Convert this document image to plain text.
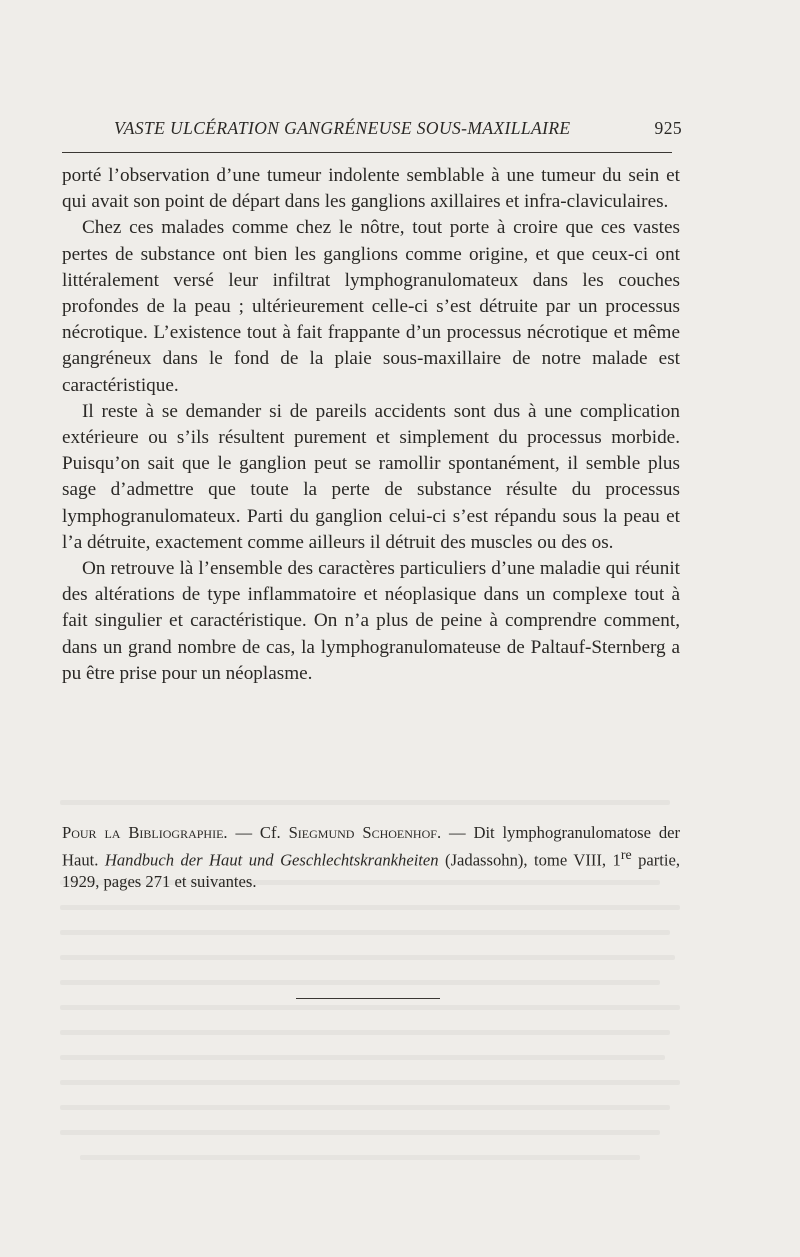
VASTE ULCÉRATION GANGRÉNEUSE SOUS-MAXILLAIRE	925

porté l’observation d’une tumeur indolente semblable à une tumeur du sein et qui avait son point de départ dans les ganglions axillaires et infra-claviculaires.

Chez ces malades comme chez le nôtre, tout porte à croire que ces vastes pertes de substance ont bien les ganglions comme origine, et que ceux-ci ont littéralement versé leur infiltrat lymphogranulomateux dans les couches profondes de la peau ; ultérieurement celle-ci s’est détruite par un processus nécrotique. L’existence tout à fait frappante d’un processus nécrotique et même gangréneux dans le fond de la plaie sous-maxillaire de notre malade est caractéristique.

Il reste à se demander si de pareils accidents sont dus à une complication extérieure ou s’ils résultent purement et simplement du processus morbide. Puisqu’on sait que le ganglion peut se ramollir spontanément, il semble plus sage d’admettre que toute la perte de substance résulte du processus lymphogranulomateux. Parti du ganglion celui-ci s’est répandu sous la peau et l’a détruite, exactement comme ailleurs il détruit des muscles ou des os.

On retrouve là l’ensemble des caractères particuliers d’une maladie qui réunit des altérations de type inflammatoire et néoplasique dans un complexe tout à fait singulier et caractéristique. On n’a plus de peine à comprendre comment, dans un grand nombre de cas, la lymphogranulomateuse de Paltauf-Sternberg a pu être prise pour un néoplasme.

Pour la Bibliographie. — Cf. Siegmund Schoenhof. — Dit lymphogranulomatose der Haut. Handbuch der Haut und Geschlechtskrankheiten (Jadassohn), tome VIII, 1re partie, 1929, pages 271 et suivantes.
